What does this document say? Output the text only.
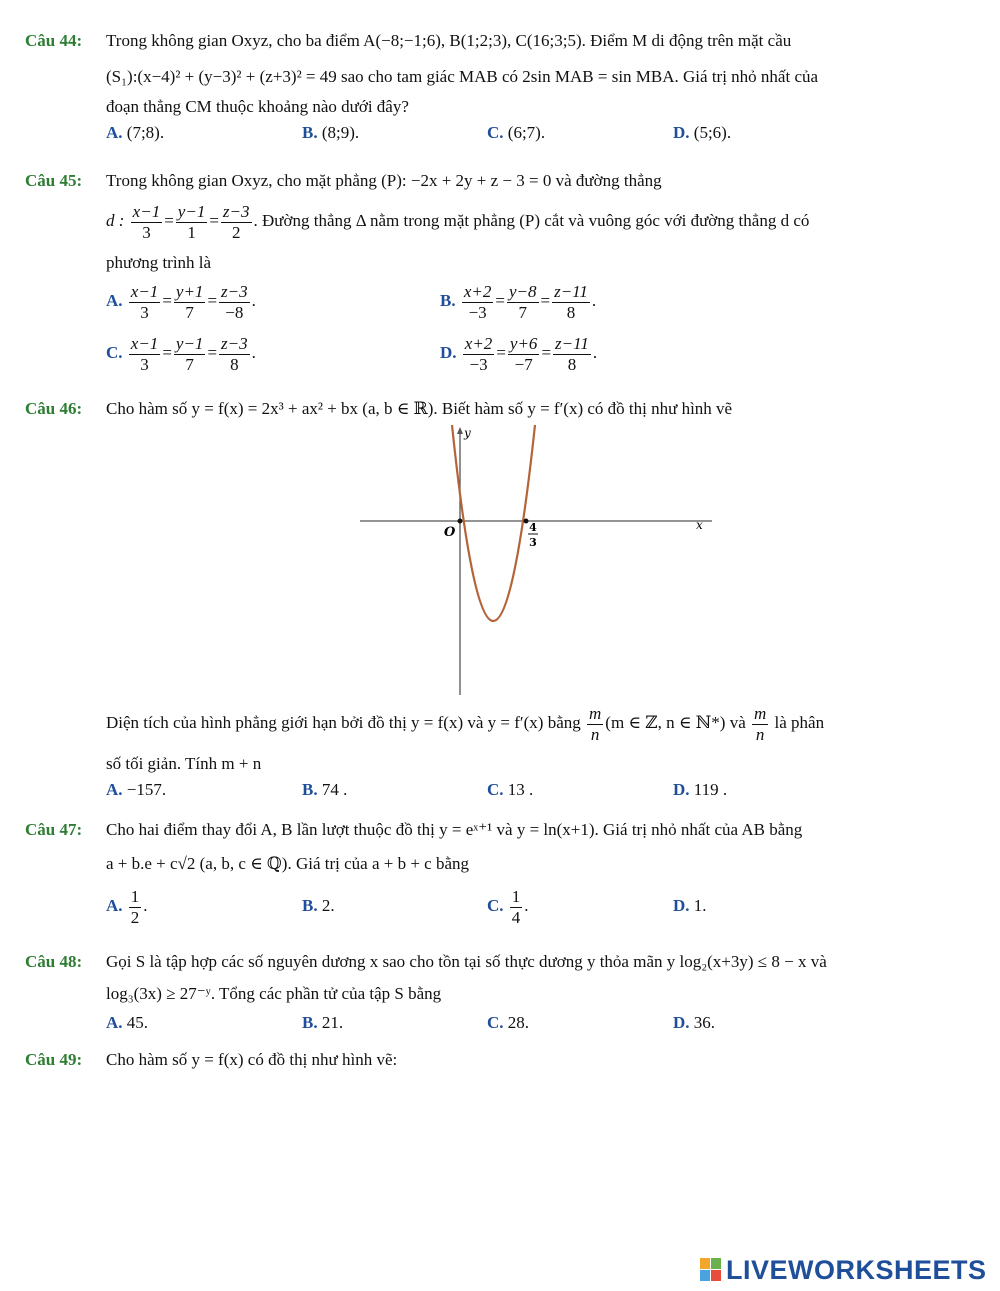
Câu 44: Trong không gian Oxyz, cho ba điểm A(−8;−1;6), B(1;2;3), C(16;3;5). Điểm M di động trên mặt cầu
(S₁):(x−4)² + (y−3)² + (z+3)² = 49 sao cho tam giác MAB có 2sin MAB = sin MBA. Giá trị nhỏ nhất của
đoạn thẳng CM thuộc khoảng nào dưới đây?
A. (7;8).	B. (8;9).	C. (6;7).	D. (5;6).
Câu 45: Trong không gian Oxyz, cho mặt phẳng (P): −2x + 2y + z − 3 = 0 và đường thẳng
d : $\frac{x-1}{3} = \frac{y-1}{1} = \frac{z-3}{2}$ . Đường thẳng Δ nằm trong mặt phẳng (P) cắt và vuông góc với đường thẳng d có
phương trình là
A. $\frac{x-1}{3} = \frac{y+1}{7} = \frac{z-3}{-8}$ .	B. $\frac{x+2}{-3} = \frac{y-8}{7} = \frac{z-11}{8}$ .
C. $\frac{x-1}{3} = \frac{y-1}{7} = \frac{z-3}{8}$ .	D. $\frac{x+2}{-3} = \frac{y+6}{-7} = \frac{z-11}{8}$ .
Câu 46: Cho hàm số y = f(x) = 2x³ + ax² + bx (a, b ∈ ℝ). Biết hàm số y = f′(x) có đồ thị như hình vẽ
y
x
O	4
3
Diện tích của hình phẳng giới hạn bởi đồ thị y = f(x) và y = f′(x) bằng $\frac{m}{n} (m$ ∈ ℤ, n ∈ ℕ*) và $\frac{m}{n}$ là phân
số tối giản. Tính m + n
A. −157.	B. 74 .	C. 13 .	D. 119 .
Câu 47: Cho hai điểm thay đổi A, B lần lượt thuộc đồ thị y = eˣ⁺¹ và y = ln(x+1). Giá trị nhỏ nhất của AB bằng
a + b.e + c√2 (a, b, c ∈ ℚ). Giá trị của a + b + c bằng
A. $\frac{1}{2}$ .	B. 2.	C. $\frac{1}{4}$ .	D. 1.
Câu 48: Gọi S là tập hợp các số nguyên dương x sao cho tồn tại số thực dương y thỏa mãn y log₂(x+3y) ≤ 8 − x và
log₃(3x) ≥ 27⁻ʸ. Tổng các phần tử của tập S bằng
A. 45.	B. 21.	C. 28.	D. 36.
Câu 49: Cho hàm số y = f(x) có đồ thị như hình vẽ:
LIVEWORKSHEETS
